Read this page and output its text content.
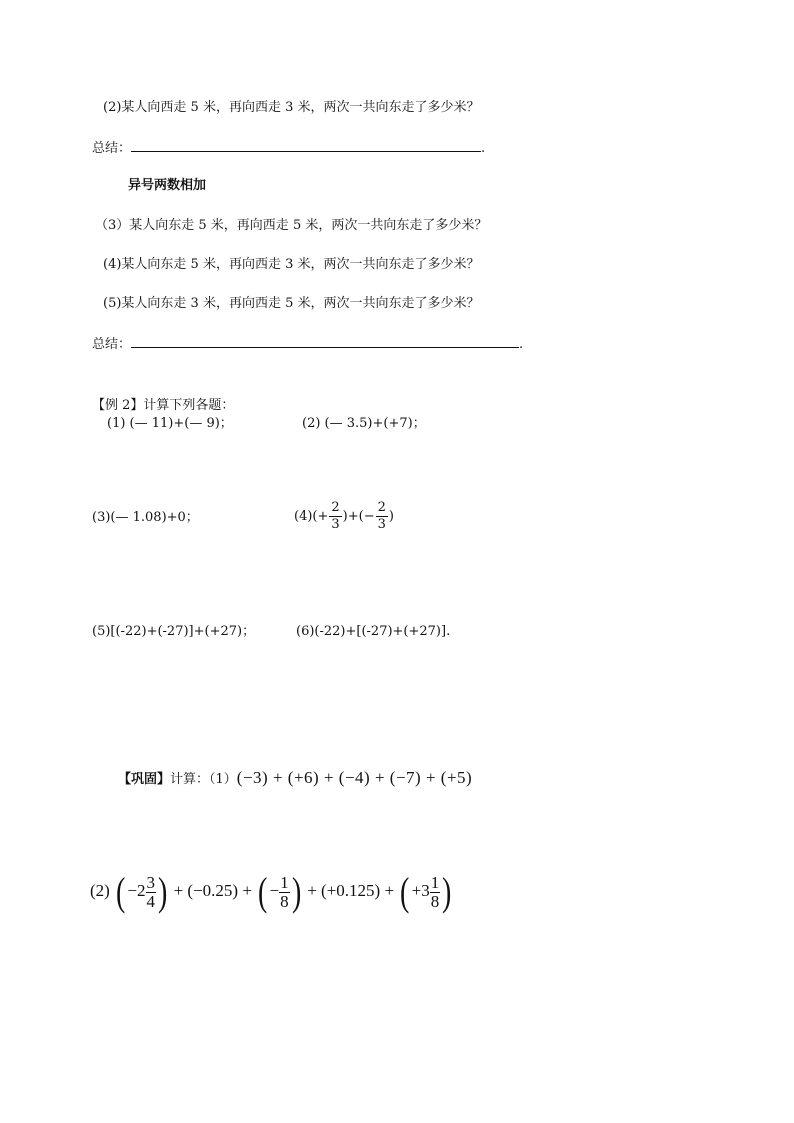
(2)某人向西走 5 米，再向西走 3 米，两次一共向东走了多少米？
总结：	.
异号两数相加
（3）某人向东走 5 米，再向西走 5 米，两次一共向东走了多少米？
(4)某人向东走 5 米，再向西走 3 米，两次一共向东走了多少米？
(5)某人向东走 3 米，再向西走 5 米，两次一共向东走了多少米？
总结：	.
【例 2】计算下列各题：
(1) (— 11)+(— 9)；	(2) (— 3.5)+(+7)；
(3)(— 1.08)+0；	$(4)(+ \frac{2}{3}$ )+(− $\frac{2}{3}$ )
(5)[(-22)+(-27)]+(+27)；	(6)(-22)+[(-27)+(+27)].
【巩固】计算：（1）(−3) + (+6) + (−4) + (−7) + (+5)
(2) ( $-2 \frac{3}{4}$ ) + (−0.25) + ( − $\frac{1}{8}$ ) + (+0.125) + ( $+3 \frac{1}{8}$ )
